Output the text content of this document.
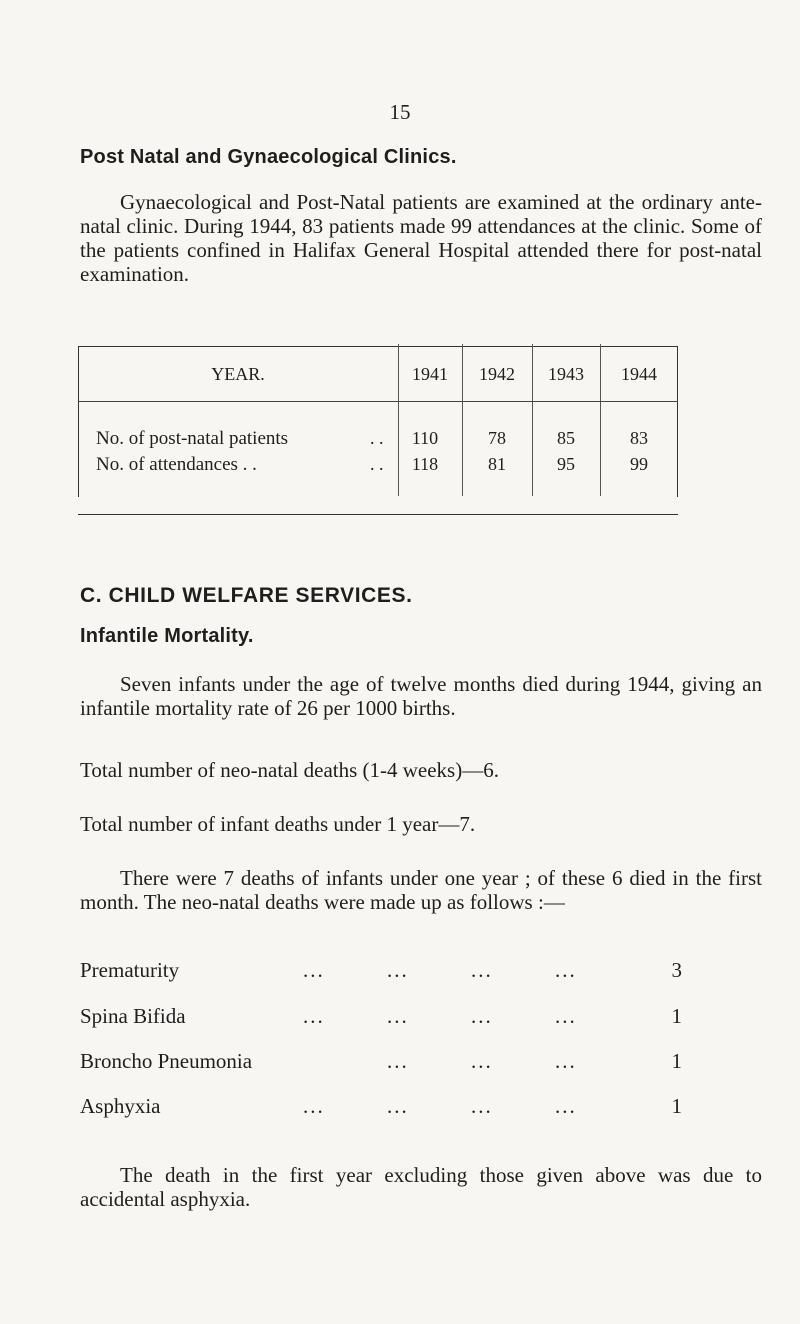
15
Post Natal and Gynaecological Clinics.

Gynaecological and Post-Natal patients are examined at the ordinary ante-natal clinic. During 1944, 83 patients made 99 attendances at the clinic. Some of the patients confined in Halifax General Hospital attended there for post-natal examination.

YEAR.	1941	1942	1943	1944
No. of post-natal patients	. .	110	78	85	83
No. of attendances . .	. .	118	81	95	99
C. CHILD WELFARE SERVICES.
Infantile Mortality.

Seven infants under the age of twelve months died during 1944, giving an infantile mortality rate of 26 per 1000 births.

Total number of neo-natal deaths (1-4 weeks)—6.

Total number of infant deaths under 1 year—7.

There were 7 deaths of infants under one year ; of these 6 died in the first month. The neo-natal deaths were made up as follows :—

Prematurity	...	...	...	...	3
Spina Bifida	...	...	...	...	1
Broncho Pneumonia	...	...	...	1
Asphyxia	...	...	...	...	1

The death in the first year excluding those given above was due to accidental asphyxia.
